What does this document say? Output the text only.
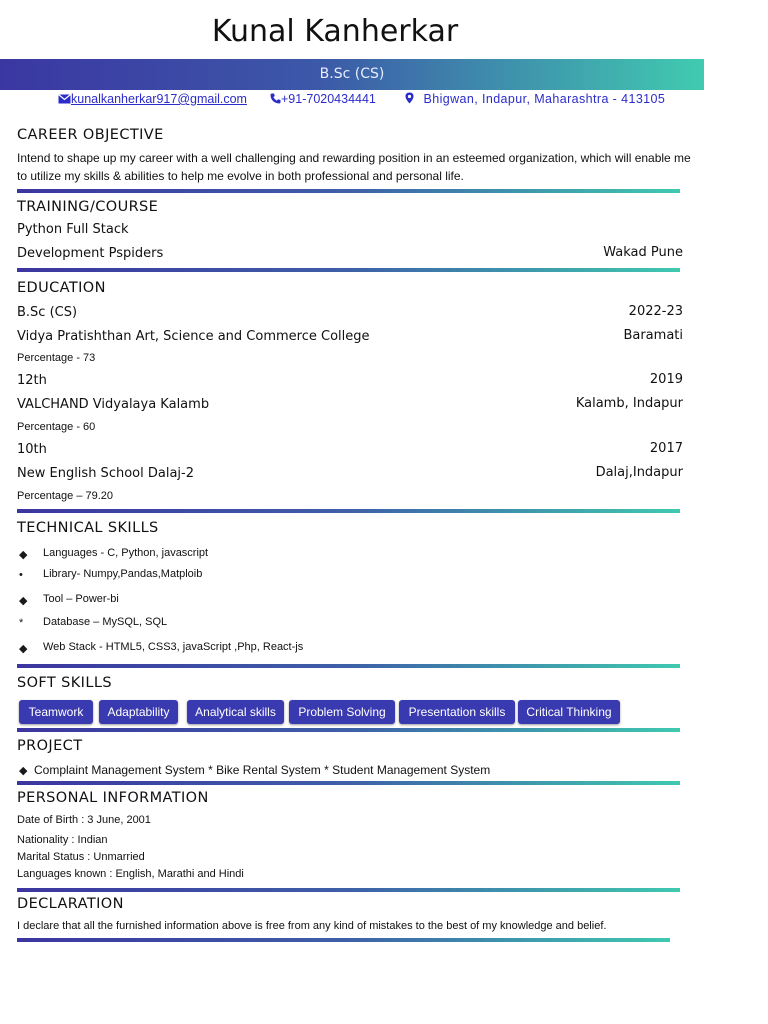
Kunal Kanherkar
B.Sc (CS)
kunalkanherkar917@gmail.com	+91-7020434441	Bhigwan, Indapur, Maharashtra - 413105
CAREER OBJECTIVE
Intend to shape up my career with a well challenging and rewarding position in an esteemed organization, which will enable me
to utilize my skills & abilities to help me evolve in both professional and personal life.
TRAINING/COURSE
Python Full Stack
Development Pspiders	Wakad Pune
EDUCATION
B.Sc (CS)	2022-23
Vidya Pratishthan Art, Science and Commerce College	Baramati
Percentage - 73
12th	2019
VALCHAND Vidyalaya Kalamb	Kalamb, Indapur
Percentage - 60
10th	2017
New English School Dalaj-2	Dalaj,Indapur
Percentage – 79.20
TECHNICAL SKILLS
◆ Languages - C, Python, javascript
• Library- Numpy,Pandas,Matploib
◆ Tool – Power-bi
* Database – MySQL, SQL
◆ Web Stack - HTML5, CSS3, javaScript ,Php, React-js
SOFT SKILLS
Teamwork	Adaptability	Analytical skills	Problem Solving	Presentation skills	Critical Thinking
PROJECT
◆ Complaint Management System * Bike Rental System * Student Management System
PERSONAL INFORMATION
Date of Birth : 3 June, 2001
Nationality : Indian
Marital Status : Unmarried
Languages known : English, Marathi and Hindi
DECLARATION
I declare that all the furnished information above is free from any kind of mistakes to the best of my knowledge and belief.
